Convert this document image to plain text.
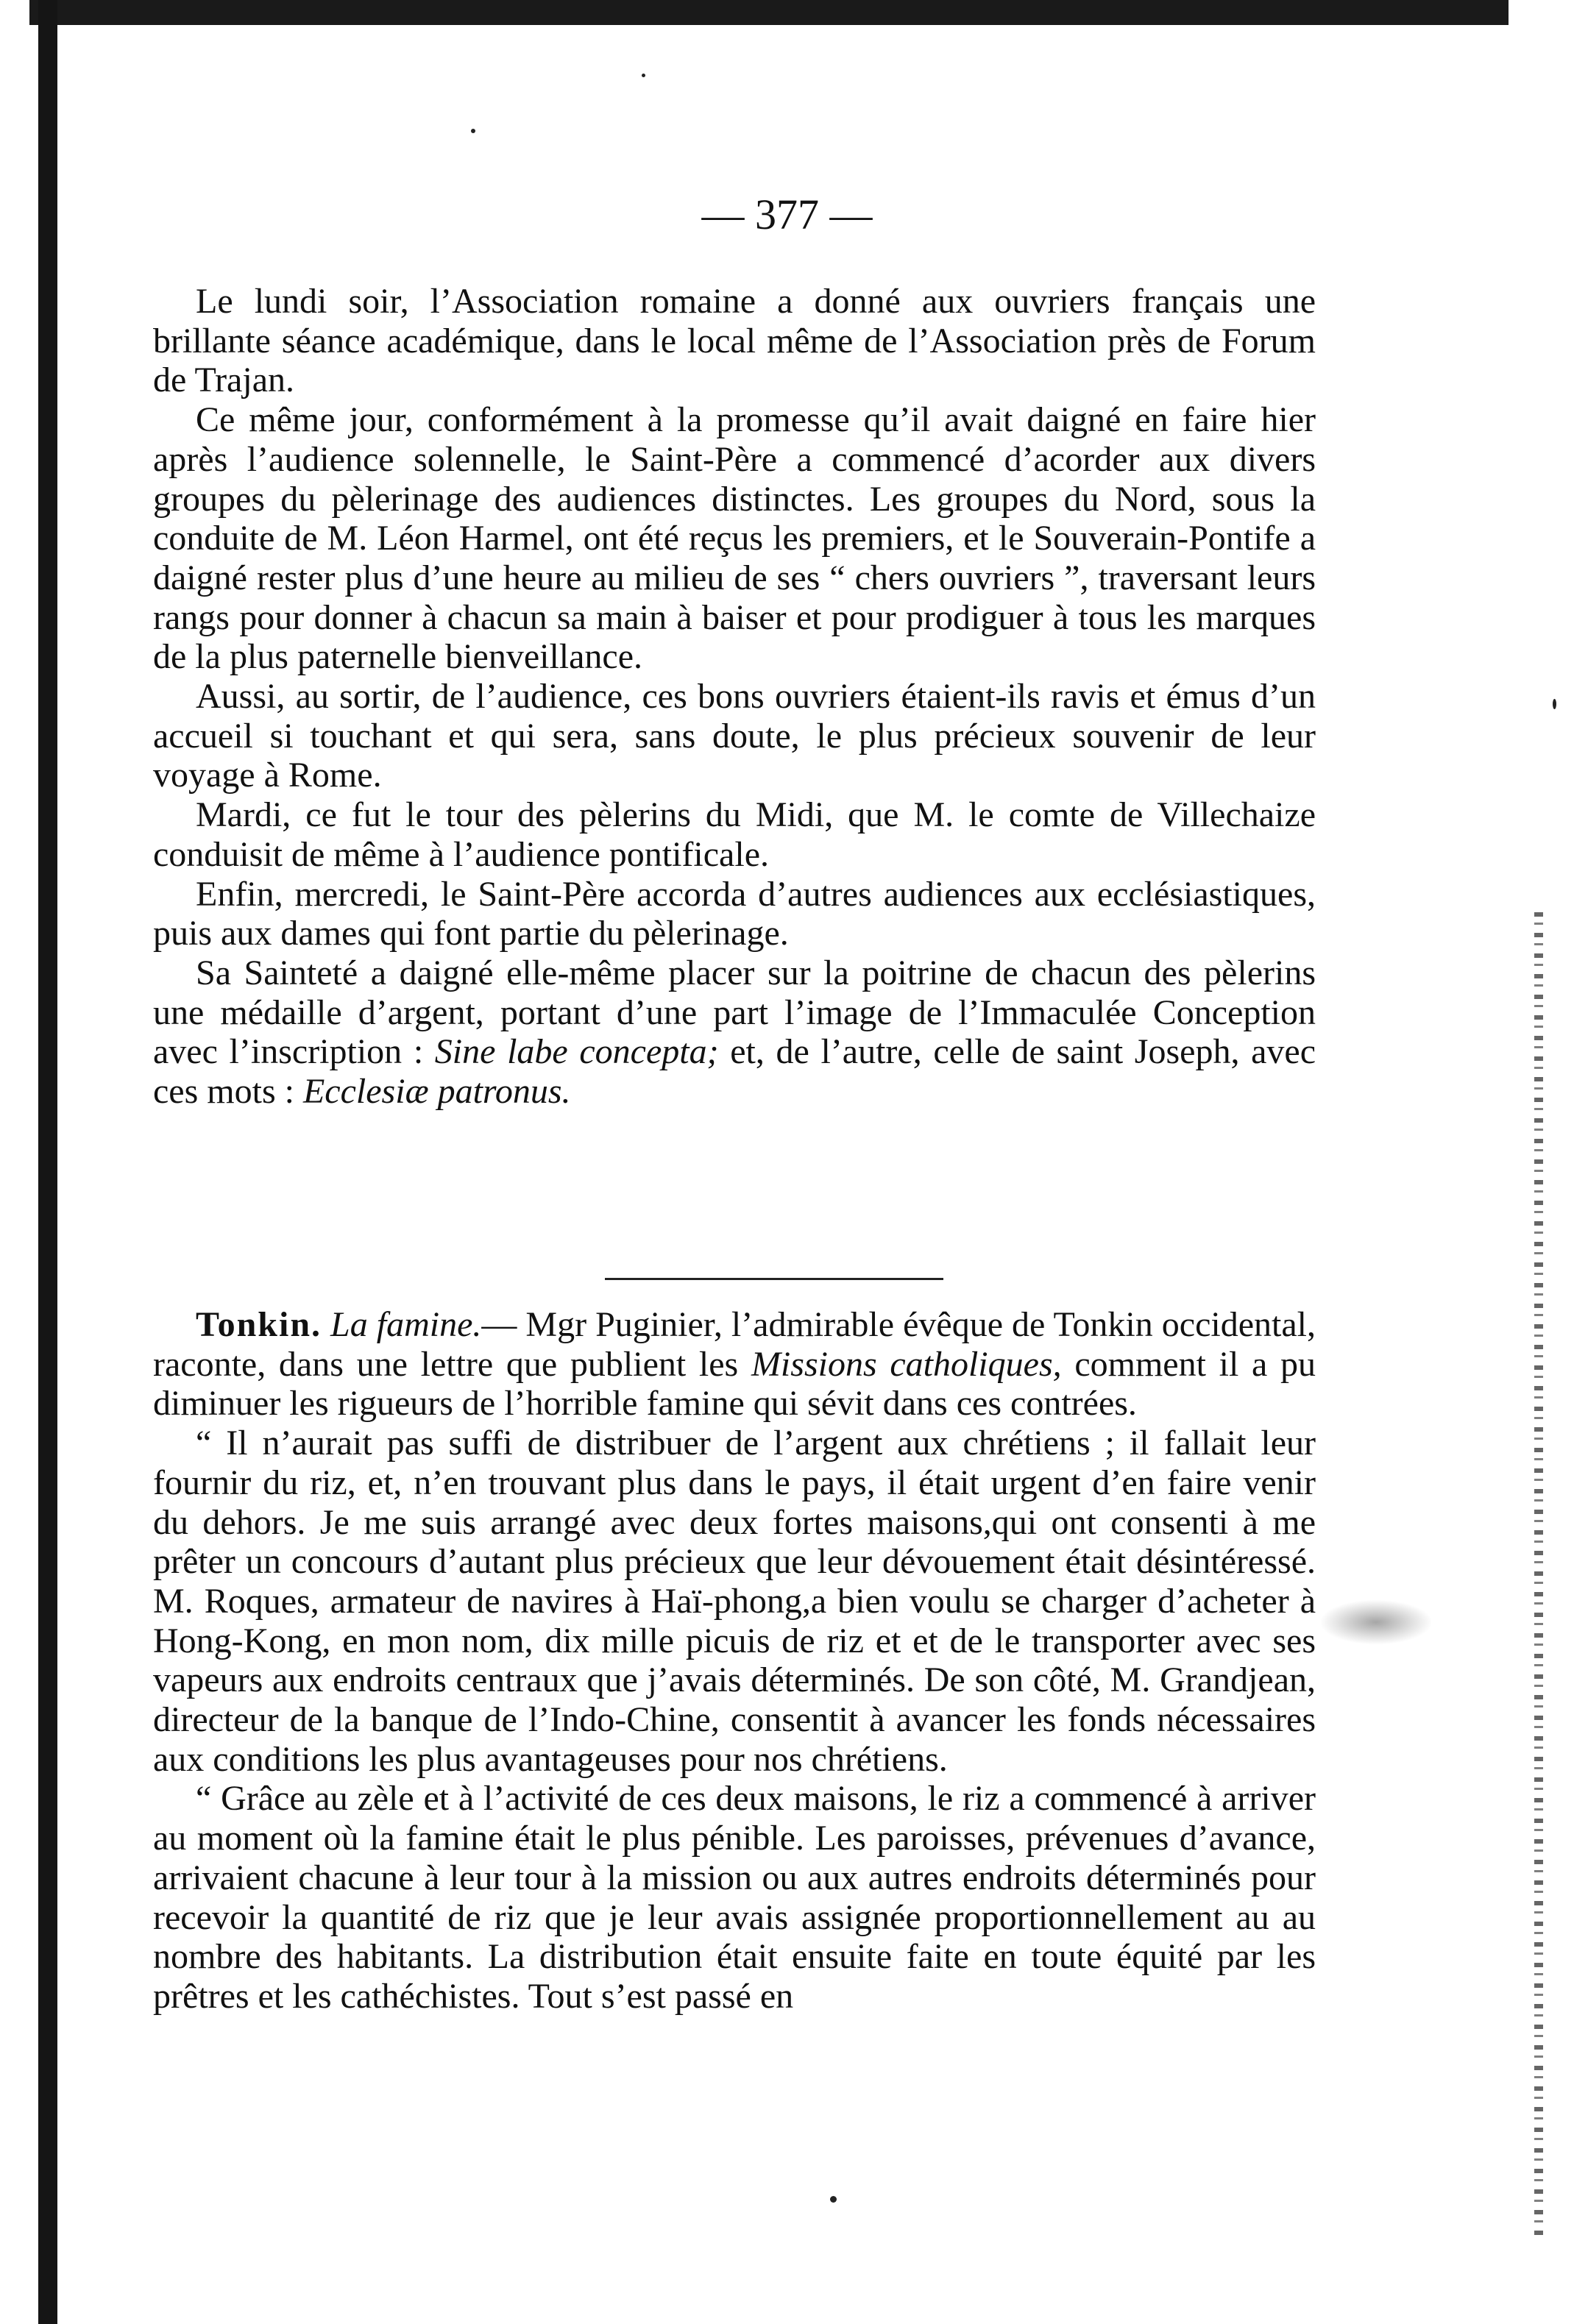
— 377 —

Le lundi soir, l’Association romaine a donné aux ouvriers français une brillante séance académique, dans le local même de l’Association près de Forum de Trajan.

Ce même jour, conformément à la promesse qu’il avait daigné en faire hier après l’audience solennelle, le Saint-Père a commencé d’acorder aux divers groupes du pèlerinage des audiences distinctes. Les groupes du Nord, sous la conduite de M. Léon Harmel, ont été reçus les premiers, et le Souverain-Pontife a daigné rester plus d’une heure au milieu de ses “ chers ouvriers ”, traversant leurs rangs pour donner à chacun sa main à baiser et pour prodiguer à tous les marques de la plus paternelle bienveillance.

Aussi, au sortir, de l’audience, ces bons ouvriers étaient-ils ravis et émus d’un accueil si touchant et qui sera, sans doute, le plus précieux souvenir de leur voyage à Rome.

Mardi, ce fut le tour des pèlerins du Midi, que M. le comte de Villechaize conduisit de même à l’audience pontificale.

Enfin, mercredi, le Saint-Père accorda d’autres audiences aux ecclésiastiques, puis aux dames qui font partie du pèlerinage.

Sa Sainteté a daigné elle-même placer sur la poitrine de chacun des pèlerins une médaille d’argent, portant d’une part l’image de l’Immaculée Conception avec l’inscription : Sine labe concepta; et, de l’autre, celle de saint Joseph, avec ces mots : Ecclesiæ patronus.

Tonkin. La famine.— Mgr Puginier, l’admirable évêque de Tonkin occidental, raconte, dans une lettre que publient les Missions catholiques, comment il a pu diminuer les rigueurs de l’horrible famine qui sévit dans ces contrées.

“ Il n’aurait pas suffi de distribuer de l’argent aux chrétiens ; il fallait leur fournir du riz, et, n’en trouvant plus dans le pays, il était urgent d’en faire venir du dehors. Je me suis arrangé avec deux fortes maisons,qui ont consenti à me prêter un concours d’autant plus précieux que leur dévouement était désintéressé. M. Roques, armateur de navires à Haï-phong,a bien voulu se charger d’acheter à Hong-Kong, en mon nom, dix mille picuis de riz et et de le transporter avec ses vapeurs aux endroits centraux que j’avais déterminés. De son côté, M. Grandjean, directeur de la banque de l’Indo-Chine, consentit à avancer les fonds nécessaires aux conditions les plus avantageuses pour nos chrétiens.

“ Grâce au zèle et à l’activité de ces deux maisons, le riz a commencé à arriver au moment où la famine était le plus pénible. Les paroisses, prévenues d’avance, arrivaient chacune à leur tour à la mission ou aux autres endroits déterminés pour recevoir la quantité de riz que je leur avais assignée proportionnellement au au nombre des habitants. La distribution était ensuite faite en toute équité par les prêtres et les cathéchistes. Tout s’est passé en
